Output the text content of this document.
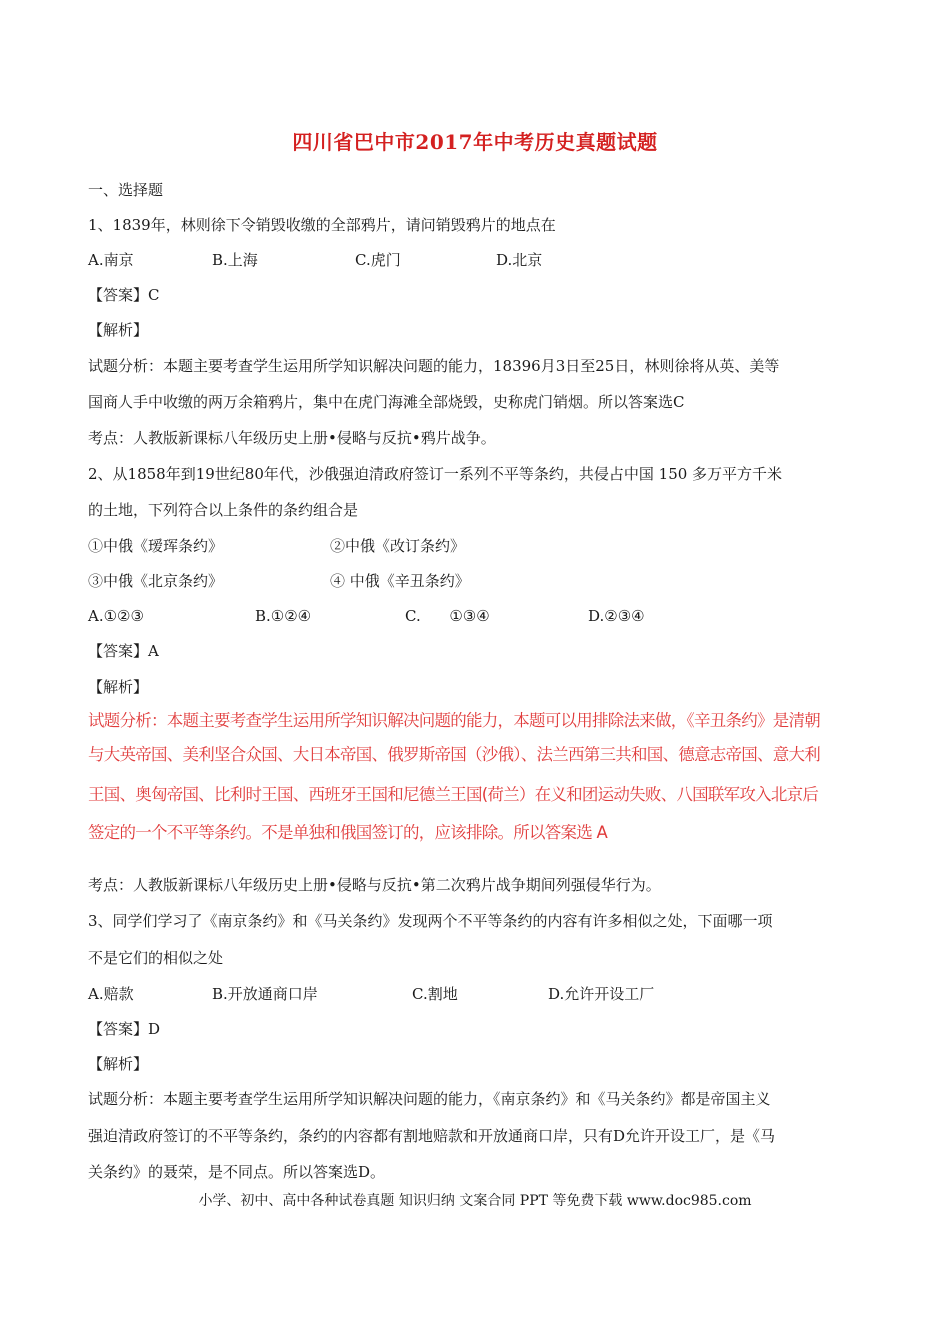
四川省巴中市2017年中考历史真题试题
一、选择题
1、1839年，林则徐下令销毁收缴的全部鸦片，请问销毁鸦片的地点在
A.南京	B.上海	C.虎门	D.北京
【答案】C
【解析】
试题分析：本题主要考查学生运用所学知识解决问题的能力，18396月3日至25日，林则徐将从英、美等
国商人手中收缴的两万余箱鸦片，集中在虎门海滩全部烧毁，史称虎门销烟。所以答案选C
考点：人教版新课标八年级历史上册•侵略与反抗•鸦片战争。
2、从1858年到19世纪80年代，沙俄强迫清政府签订一系列不平等条约，共侵占中国 150 多万平方千米
的土地，下列符合以上条件的条约组合是
①中俄《瑷珲条约》	②中俄《改订条约》
③中俄《北京条约》	④ 中俄《辛丑条约》
A.①②③	B.①②④	C.      ①③④	D.②③④
【答案】A
【解析】
试题分析：本题主要考查学生运用所学知识解决问题的能力，本题可以用排除法来做，《辛丑条约》是清朝
与大英帝国、美利坚合众国、大日本帝国、俄罗斯帝国（沙俄）、法兰西第三共和国、德意志帝国、意大利
王国、奥匈帝国、比利时王国、西班牙王国和尼德兰王国(荷兰）在义和团运动失败、八国联军攻入北京后
签定的一个不平等条约。不是单独和俄国签订的，应该排除。所以答案选 A
考点：人教版新课标八年级历史上册•侵略与反抗•第二次鸦片战争期间列强侵华行为。
3、同学们学习了《南京条约》和《马关条约》发现两个不平等条约的内容有许多相似之处，下面哪一项
不是它们的相似之处
A.赔款	B.开放通商口岸	C.割地	D.允许开设工厂
【答案】D
【解析】
试题分析：本题主要考查学生运用所学知识解决问题的能力，《南京条约》和《马关条约》都是帝国主义
强迫清政府签订的不平等条约，条约的内容都有割地赔款和开放通商口岸，只有D允许开设工厂，是《马
关条约》的聂荣，是不同点。所以答案选D。
小学、初中、高中各种试卷真题 知识归纳 文案合同 PPT 等免费下载 www.doc985.com
